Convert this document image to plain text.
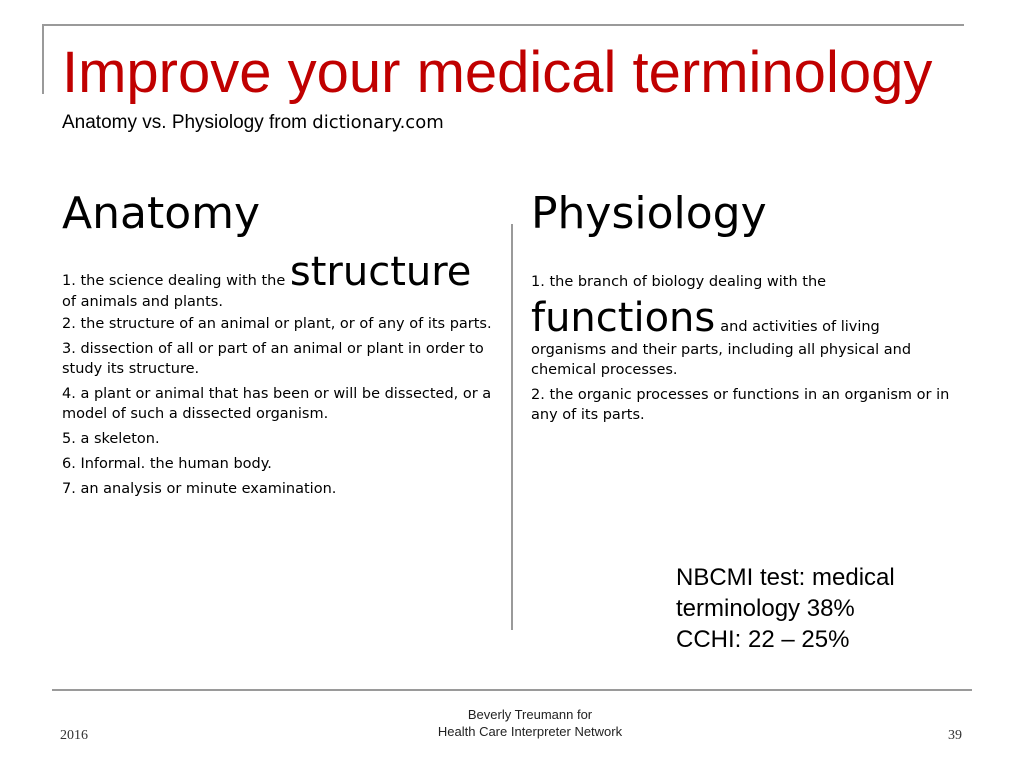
Improve your medical terminology
Anatomy vs. Physiology from dictionary.com
Anatomy	Physiology

1. the science dealing with the structure
of animals and plants.

2. the structure of an animal or plant, or of any of its parts.

3. dissection of all or part of an animal or plant in order to study its structure.

4. a plant or animal that has been or will be dissected, or a model of such a dissected organism.

5. a skeleton.

6. Informal. the human body.

7. an analysis or minute examination.

1. the branch of biology dealing with the
functions and activities of living
organisms and their parts, including all physical and chemical processes.

2. the organic processes or functions in an organism or in any of its parts.

NBCMI test: medical
terminology 38%
CCHI: 22 – 25%
2016
Beverly Treumann for
Health Care Interpreter Network	39
